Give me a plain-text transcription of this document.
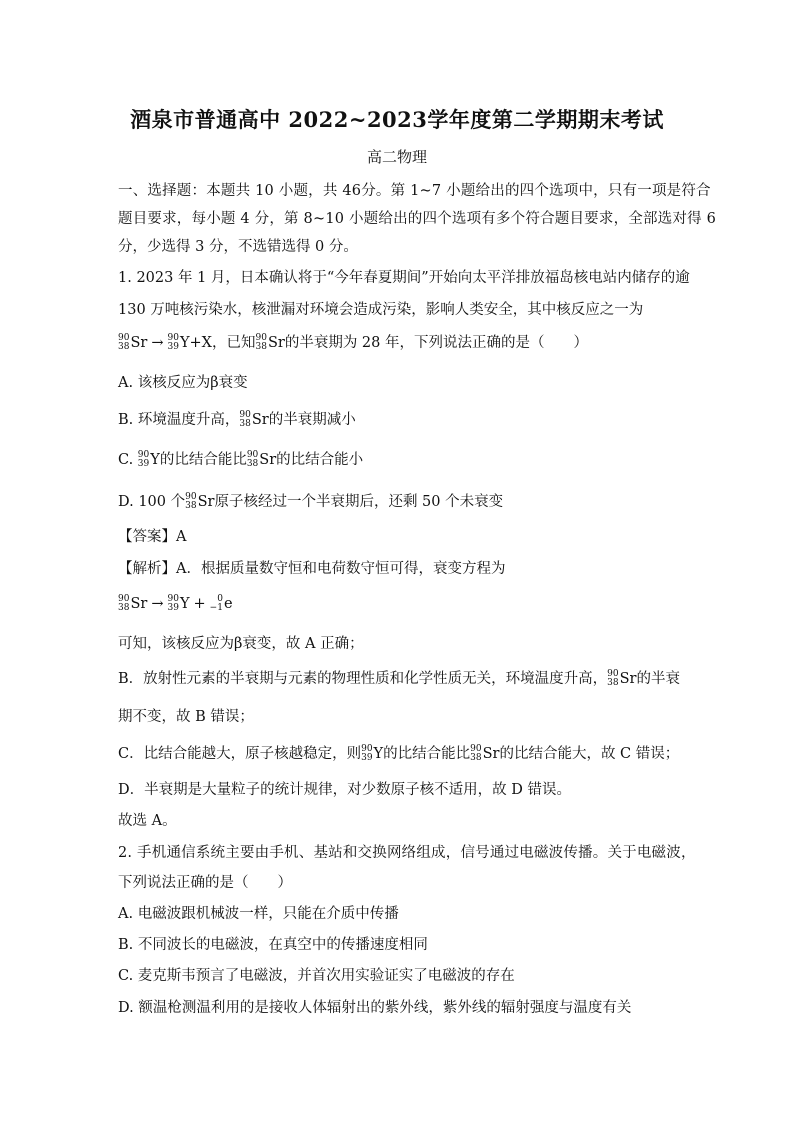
酒泉市普通高中 2022~2023学年度第二学期期末考试
高二物理
一、选择题：本题共 10 小题，共 46分。第 1~7 小题给出的四个选项中，只有一项是符合
题目要求，每小题 4 分，第 8~10 小题给出的四个选项有多个符合题目要求，全部选对得 6
分，少选得 3 分，不选错选得 0 分。
1. 2023 年 1 月，日本确认将于“今年春夏期间”开始向太平洋排放福岛核电站内储存的逾
130 万吨核污染水，核泄漏对环境会造成污染，影响人类安全，其中核反应之一为
90
38 Sr → 90
39 Y+X，已知 90
38 Sr的半衰期为 28 年，下列说法正确的是（　　）
A. 该核反应为β衰变
B. 环境温度升高， 90
38 Sr的半衰期减小
C. 90
39 Y的比结合能比 90
38 Sr的比结合能小
D. 100 个 90
38 Sr原子核经过一个半衰期后，还剩 50 个未衰变
【答案】A
【解析】A．根据质量数守恒和电荷数守恒可得，衰变方程为
90
38 Sr → 90
39 Y +	0
−1 e
可知，该核反应为β衰变，故 A 正确；
B．放射性元素的半衰期与元素的物理性质和化学性质无关，环境温度升高， 90
38 Sr的半衰
期不变，故 B 错误；
C．比结合能越大，原子核越稳定，则 90
39 Y的比结合能比 90
38 Sr的比结合能大，故 C 错误；
D．半衰期是大量粒子的统计规律，对少数原子核不适用，故 D 错误。
故选 A。
2. 手机通信系统主要由手机、基站和交换网络组成，信号通过电磁波传播。关于电磁波，
下列说法正确的是（　　）
A. 电磁波跟机械波一样，只能在介质中传播
B. 不同波长的电磁波，在真空中的传播速度相同
C. 麦克斯韦预言了电磁波，并首次用实验证实了电磁波的存在
D. 额温枪测温利用的是接收人体辐射出的紫外线，紫外线的辐射强度与温度有关
